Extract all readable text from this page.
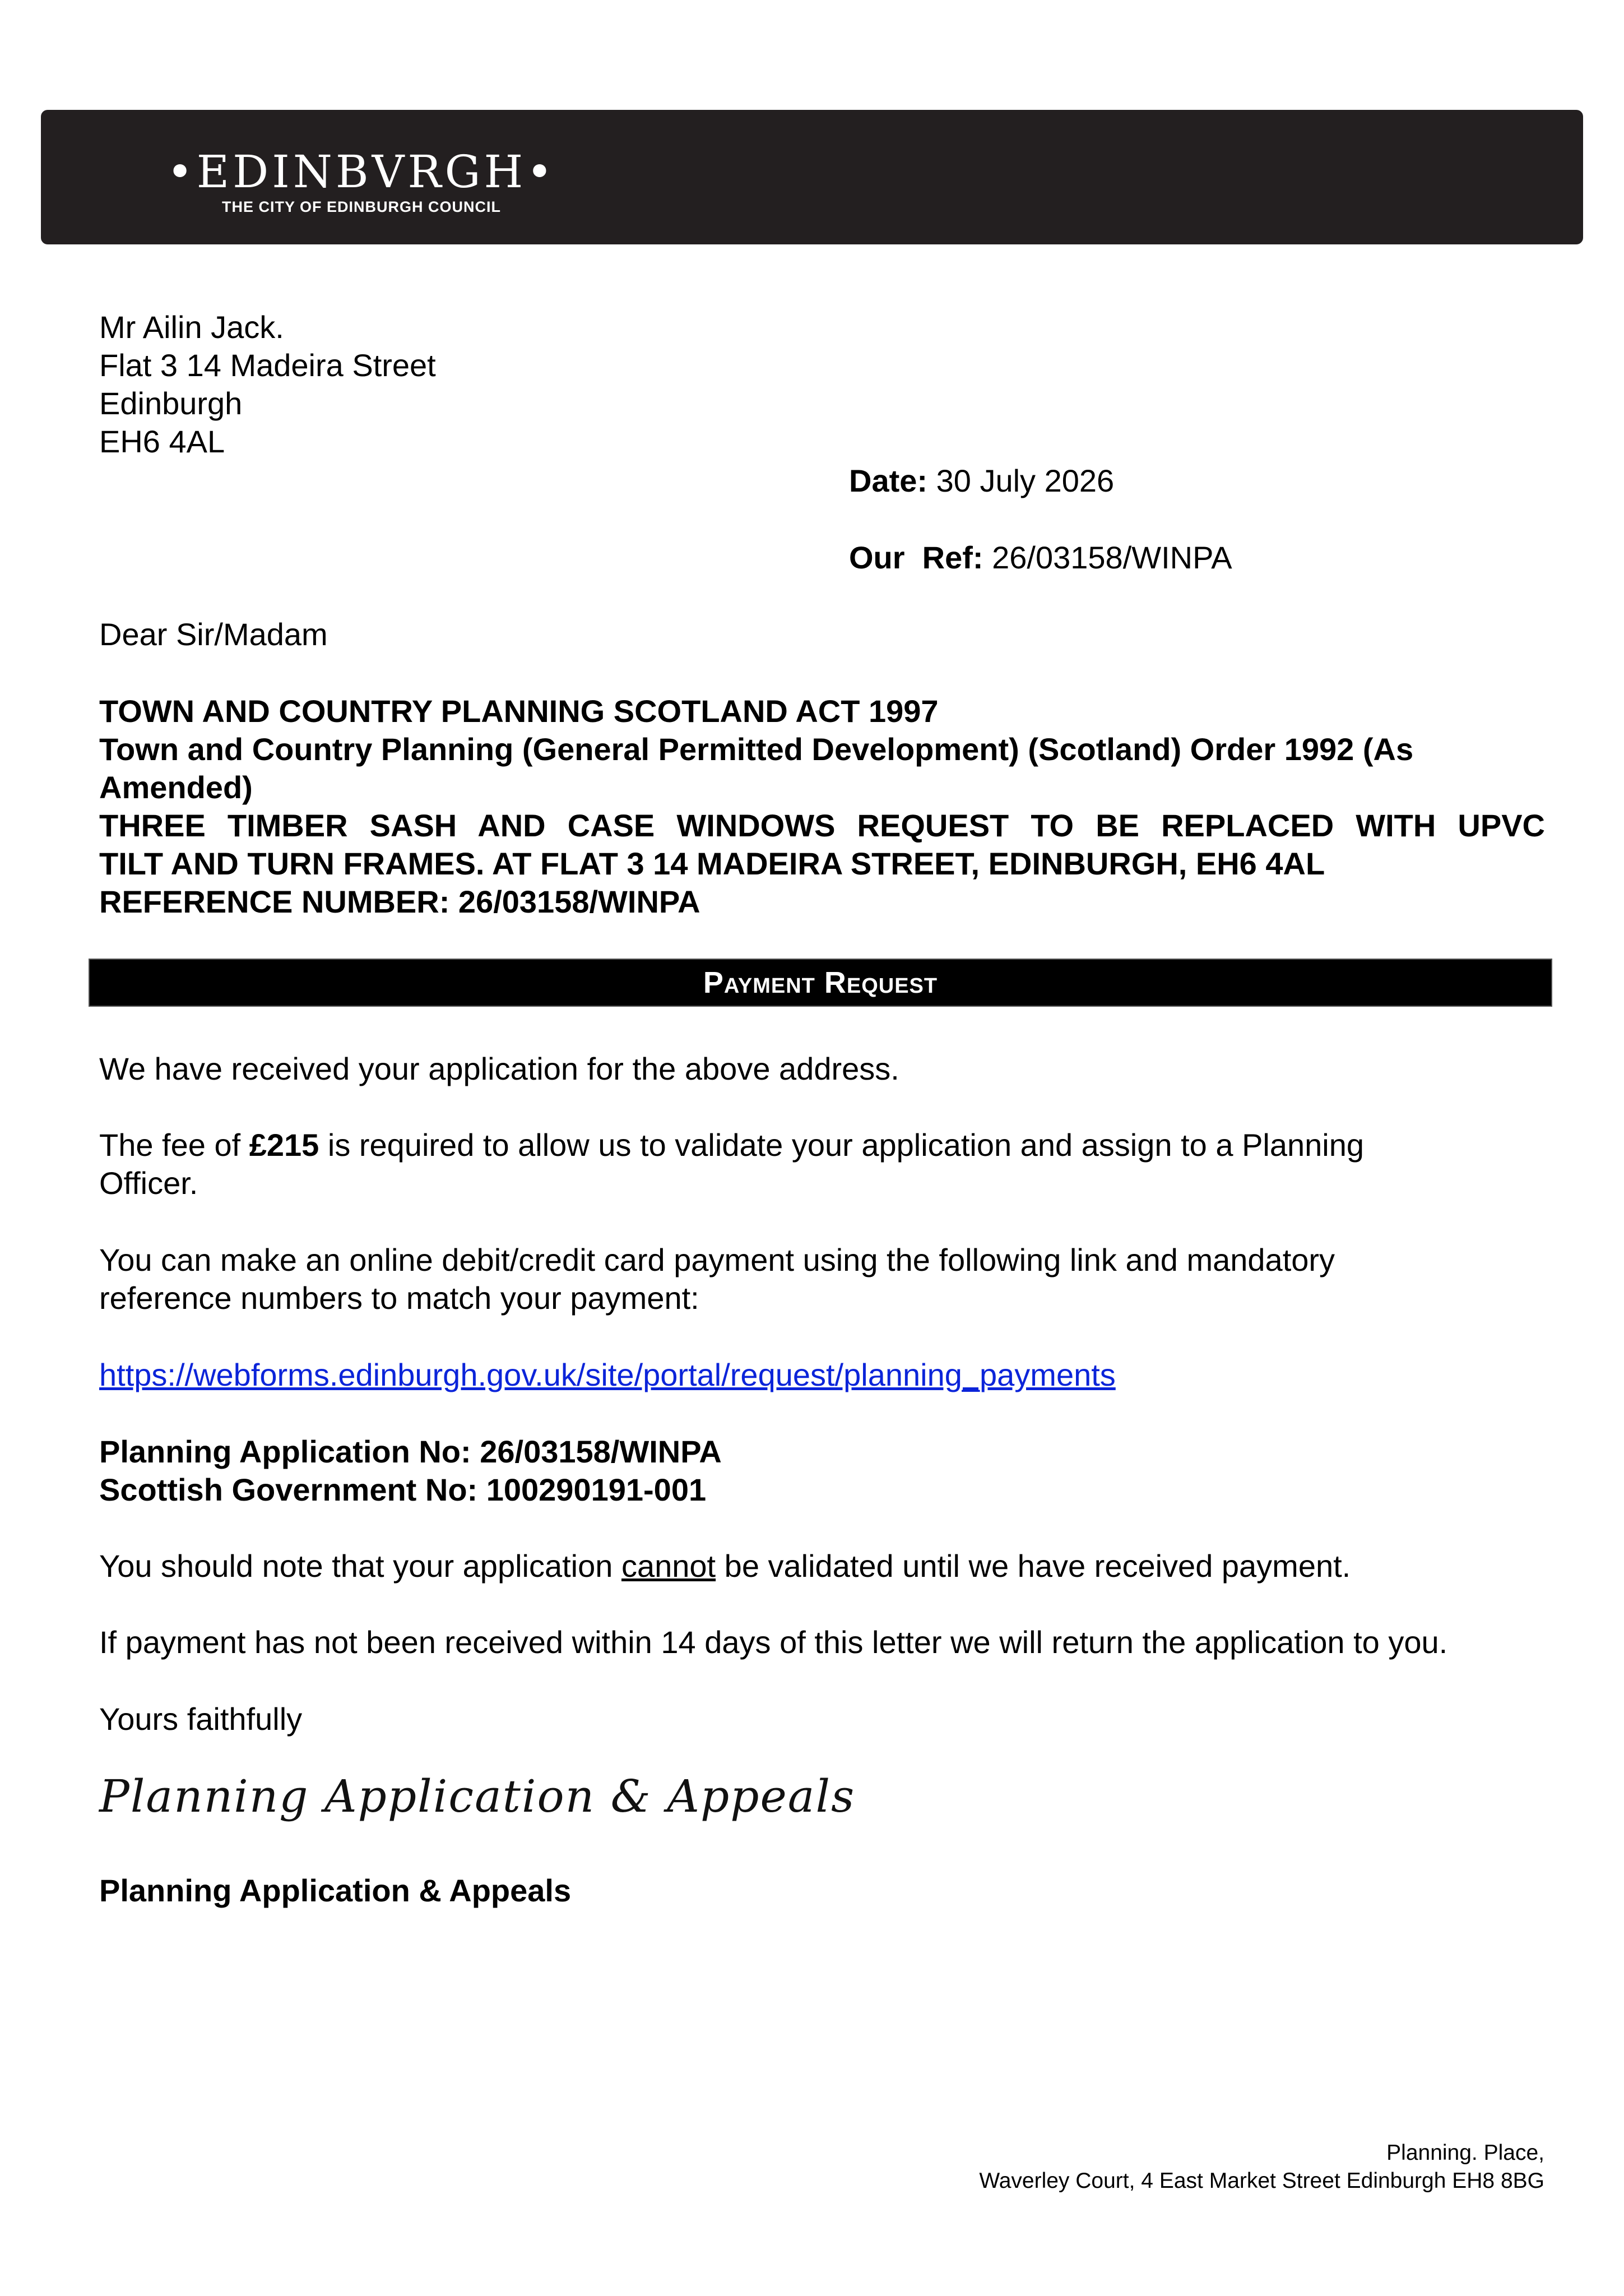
•EDINBVRGH•
THE CITY OF EDINBURGH COUNCIL
Mr Ailin Jack.
Flat 3 14 Madeira Street
Edinburgh
EH6 4AL
Date: 30 July 2026
Our  Ref: 26/03158/WINPA
Dear Sir/Madam
TOWN AND COUNTRY PLANNING SCOTLAND ACT 1997
Town and Country Planning (General Permitted Development) (Scotland) Order 1992 (As
Amended)
THREE TIMBER SASH AND CASE WINDOWS REQUEST TO BE REPLACED WITH UPVC
TILT AND TURN FRAMES. AT FLAT 3 14 MADEIRA STREET, EDINBURGH, EH6 4AL
REFERENCE NUMBER: 26/03158/WINPA
Payment Request
We have received your application for the above address.
The fee of £215 is required to allow us to validate your application and assign to a Planning
Officer.
You can make an online debit/credit card payment using the following link and mandatory
reference numbers to match your payment:
https://webforms.edinburgh.gov.uk/site/portal/request/planning_payments
Planning Application No: 26/03158/WINPA
Scottish Government No: 100290191-001
You should note that your application cannot be validated until we have received payment.
If payment has not been received within 14 days of this letter we will return the application to you.
Yours faithfully
Planning Application & Appeals
Planning Application & Appeals
Planning. Place,
Waverley Court, 4 East Market Street Edinburgh EH8 8BG
